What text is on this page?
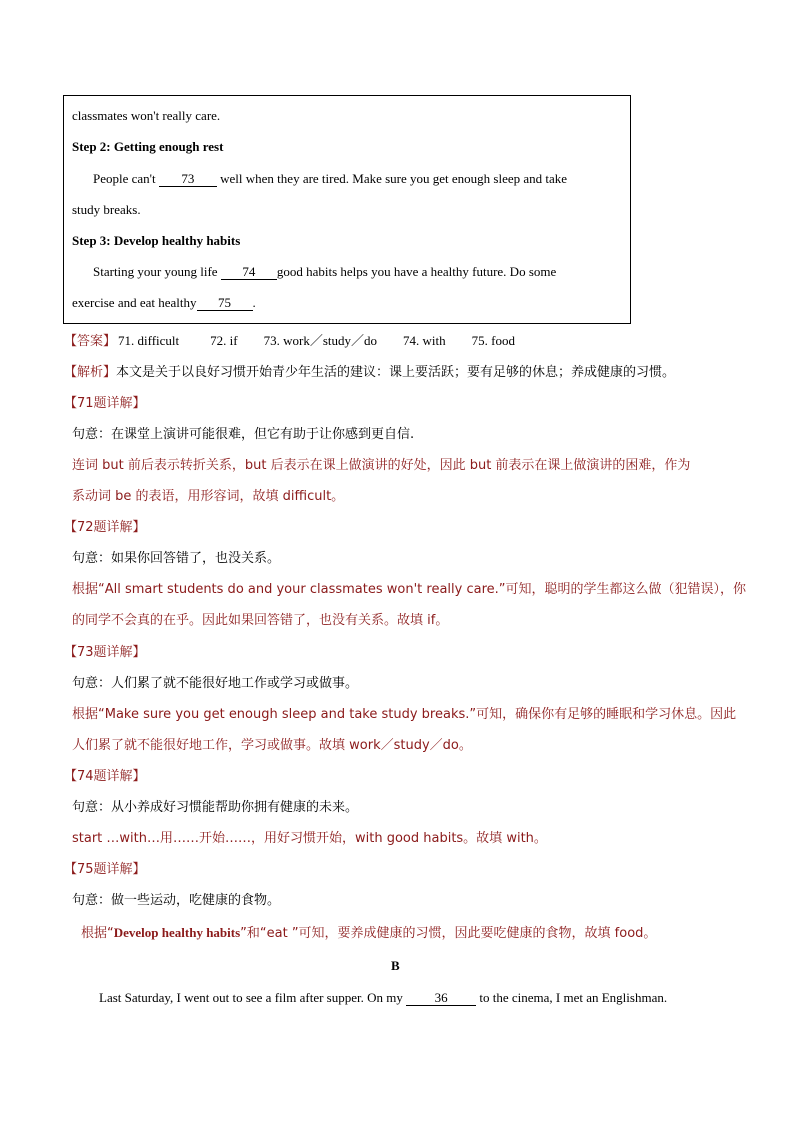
classmates won't really care.
Step 2: Getting enough rest
People can't 73 well when they are tired. Make sure you get enough sleep and take
study breaks.
Step 3: Develop healthy habits
Starting your young life 74 good habits helps you have a healthy future. Do some
exercise and eat healthy 75 .
【答案】 71. difficult 72. if 73. work／study／do 74. with 75. food
【解析】本文是关于以良好习惯开始青少年生活的建议：课上要活跃；要有足够的休息；养成健康的习惯。
【71题详解】
句意：在课堂上演讲可能很难，但它有助于让你感到更自信.
连词 but 前后表示转折关系，but 后表示在课上做演讲的好处，因此 but 前表示在课上做演讲的困难，作为
系动词 be 的表语，用形容词，故填 difficult。
【72题详解】
句意：如果你回答错了，也没关系。
根据“All smart students do and your classmates won't really care.”可知，聪明的学生都这么做（犯错误），你
的同学不会真的在乎。因此如果回答错了，也没有关系。故填 if。
【73题详解】
句意：人们累了就不能很好地工作或学习或做事。
根据“Make sure you get enough sleep and take study breaks.”可知，确保你有足够的睡眠和学习休息。因此
人们累了就不能很好地工作，学习或做事。故填 work／study／do。
【74题详解】
句意：从小养成好习惯能帮助你拥有健康的未来。
start …with…用……开始……，用好习惯开始，with good habits。故填 with。
【75题详解】
句意：做一些运动，吃健康的食物。
根据“Develop healthy habits”和“eat ”可知，要养成健康的习惯，因此要吃健康的食物，故填 food。
B
Last Saturday, I went out to see a film after supper. On my 36 to the cinema, I met an Englishman.
